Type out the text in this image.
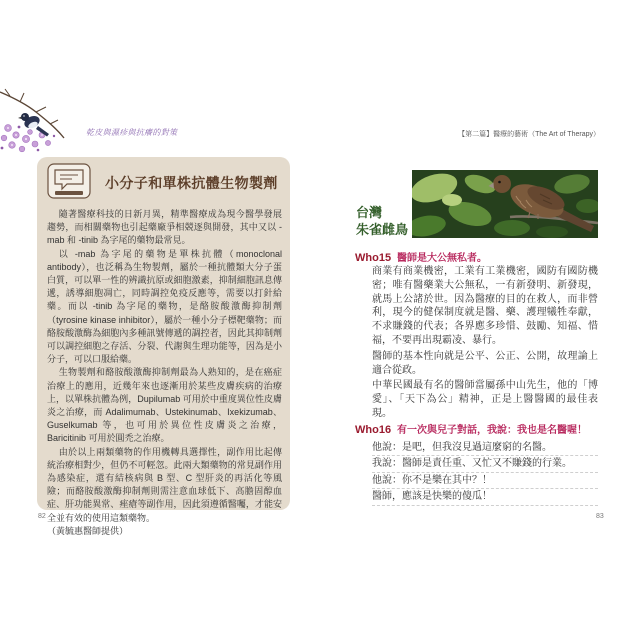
乾皮與濕疹與抗癢的對策
小分子和單株抗體生物製劑

隨著醫療科技的日新月異，精準醫療成為現今醫學發展趨勢，而相關藥物也引起藥廠爭相競逐與開發，其中又以 -mab 和 -tinib 為字尾的藥物最常見。

以 -mab 為字尾的藥物是單株抗體（monoclonal antibody），也泛稱為生物製劑，屬於一種抗體類大分子蛋白質，可以單一性的辨識抗原或細胞激素，抑制細胞訊息傳遞，誘導細胞凋亡，同時調控免疫反應等，需要以打針給藥。而以 -tinib 為字尾的藥物，是酪胺酸激酶抑制劑（tyrosine kinase inhibitor），屬於一種小分子標靶藥物；而酪胺酸激酶為細胞內多種訊號傳遞的調控者，因此其抑制劑可以調控細胞之存活、分裂、代謝與生理功能等，因為是小分子，可以口服給藥。

生物製劑和酪胺酸激酶抑制劑最為人熟知的，是在癌症治療上的應用，近幾年來也逐漸用於某些皮膚疾病的治療上，以單株抗體為例，Dupilumab 可用於中重度異位性皮膚炎之治療，而 Adalimumab、Ustekinumab、Ixekizumab、Guselkumab 等，也可用於異位性皮膚炎之治療，Baricitinib 可用於圓禿之治療。

由於以上兩類藥物的作用機轉具選擇性，副作用比起傳統治療相對少，但仍不可輕忽。此兩大類藥物的常見副作用為感染症，還有結核病與 B 型、C 型肝炎的再活化等風險；而酪胺酸激酶抑制劑則需注意血球低下、高膽固醇血症、肝功能異常、痤瘡等副作用，因此須遵循醫囑，才能安全並有效的使用這類藥物。

（黃毓惠醫師提供）

82
【第二篇】醫療的藝術（The Art of Therapy）
台灣
朱雀雌鳥
Who15 醫師是大公無私者。

商業有商業機密，工業有工業機密，國防有國防機密；唯有醫藥業大公無私，一有新發明、新發現，就馬上公諸於世。因為醫療的目的在救人，而非營利，現今的健保制度就是醫、藥、護理犧牲奉獻，不求賺錢的代表；各界應多珍惜、鼓勵、知福、惜福，不要再出現霸凌、暴行。

醫師的基本性向就是公平、公正、公開，故理論上適合從政。

中華民國最有名的醫師當屬孫中山先生，他的「博愛」、「天下為公」精神，正是上醫醫國的最佳表現。

Who16 有一次與兒子對話，我說：我也是名醫喔！
他說：是吧，但我沒見過這麼窮的名醫。
我說：醫師是責任重、又忙又不賺錢的行業。
他說：你不是樂在其中？！
醫師，應該是快樂的傻瓜！
83
